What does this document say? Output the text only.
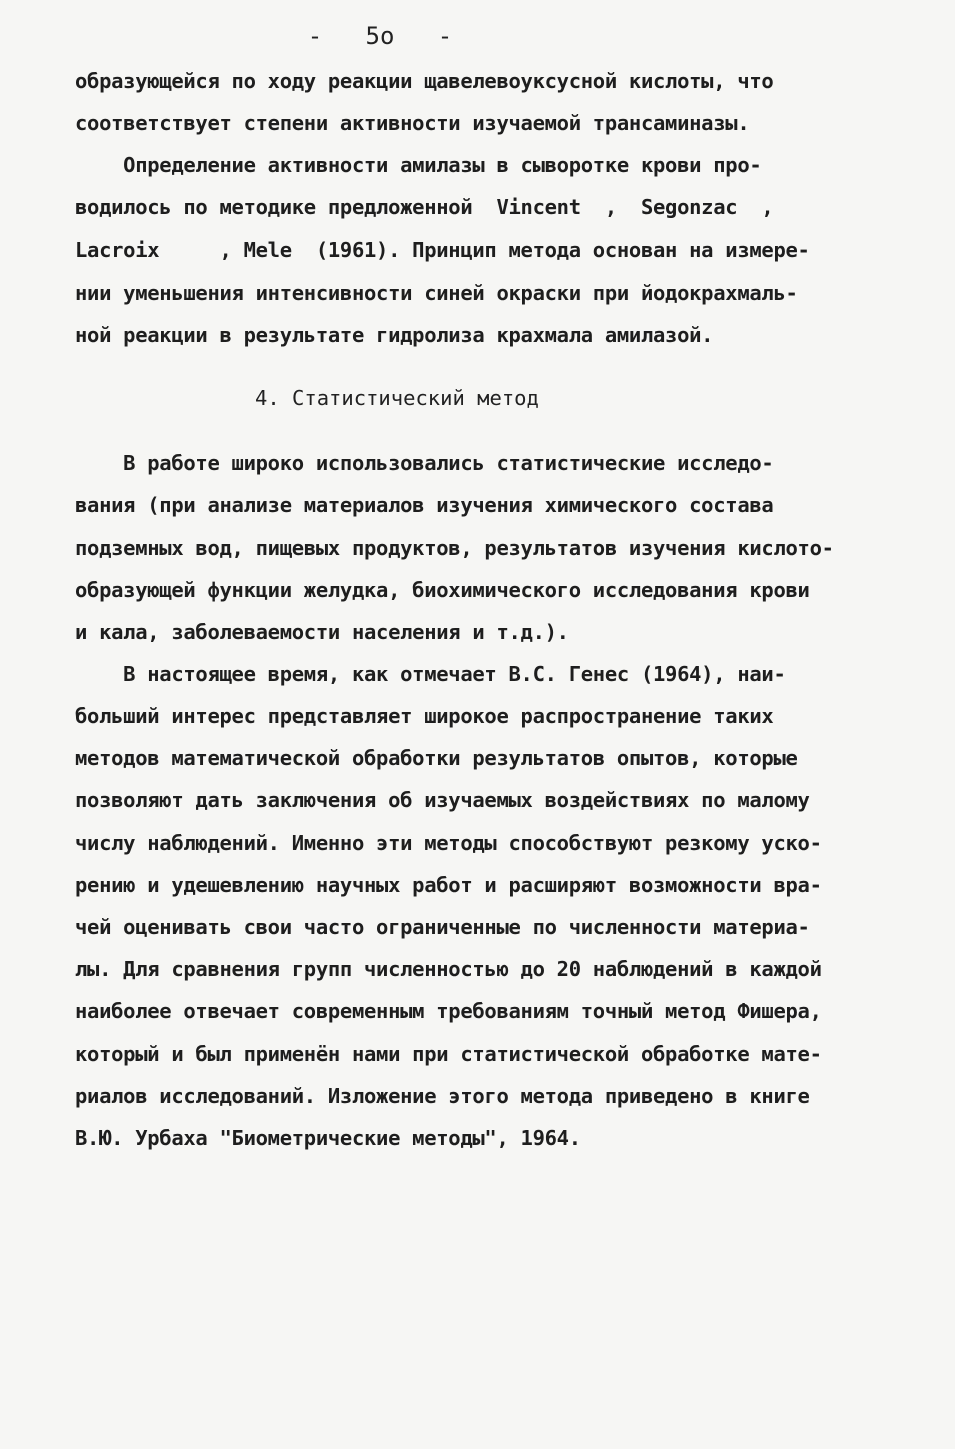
-   5o   -
образующейся по ходу реакции щавелевоуксусной кислоты, что
соответствует степени активности изучаемой трансаминазы.
Определение активности амилазы в сыворотке крови про-
водилось по методике предложенной  Vincent  ,  Segonzac  ,
Lacroix     , Mele  (1961). Принцип метода основан на измере-
нии уменьшения интенсивности синей окраски при йодокрахмаль-
ной реакции в результате гидролиза крахмала амилазой.
4. Статистический метод
В работе широко использовались статистические исследо-
вания (при анализе материалов изучения химического состава
подземных вод, пищевых продуктов, результатов изучения кислото-
образующей функции желудка, биохимического исследования крови
и кала, заболеваемости населения и т.д.).
В настоящее время, как отмечает В.С. Генес (1964), наи-
больший интерес представляет широкое распространение таких
методов математической обработки результатов опытов, которые
позволяют дать заключения об изучаемых воздействиях по малому
числу наблюдений. Именно эти методы способствуют резкому уско-
рению и удешевлению научных работ и расширяют возможности вра-
чей оценивать свои часто ограниченные по численности материа-
лы. Для сравнения групп численностью до 20 наблюдений в каждой
наиболее отвечает современным требованиям точный метод Фишера,
который и был применён нами при статистической обработке мате-
риалов исследований. Изложение этого метода приведено в книге
В.Ю. Урбаха "Биометрические методы", 1964.
